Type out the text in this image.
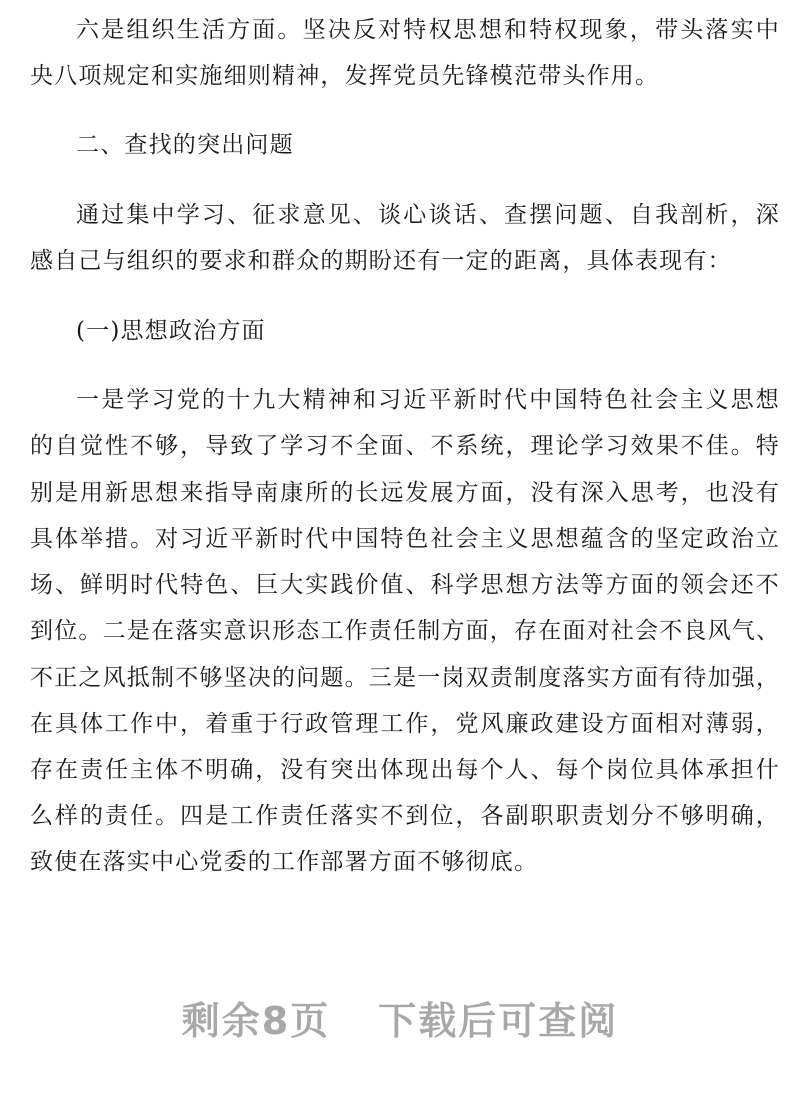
六是组织生活方面。坚决反对特权思想和特权现象，带头落实中
央八项规定和实施细则精神，发挥党员先锋模范带头作用。
二、查找的突出问题
通过集中学习、征求意见、谈心谈话、查摆问题、自我剖析，深
感自己与组织的要求和群众的期盼还有一定的距离，具体表现有：
(一)思想政治方面
一是学习党的十九大精神和习近平新时代中国特色社会主义思想
的自觉性不够，导致了学习不全面、不系统，理论学习效果不佳。特
别是用新思想来指导南康所的长远发展方面，没有深入思考，也没有
具体举措。对习近平新时代中国特色社会主义思想蕴含的坚定政治立
场、鲜明时代特色、巨大实践价值、科学思想方法等方面的领会还不
到位。二是在落实意识形态工作责任制方面，存在面对社会不良风气、
不正之风抵制不够坚决的问题。三是一岗双责制度落实方面有待加强，
在具体工作中，着重于行政管理工作，党风廉政建设方面相对薄弱，
存在责任主体不明确，没有突出体现出每个人、每个岗位具体承担什
么样的责任。四是工作责任落实不到位，各副职职责划分不够明确，
致使在落实中心党委的工作部署方面不够彻底。
剩余8页 下载后可查阅
